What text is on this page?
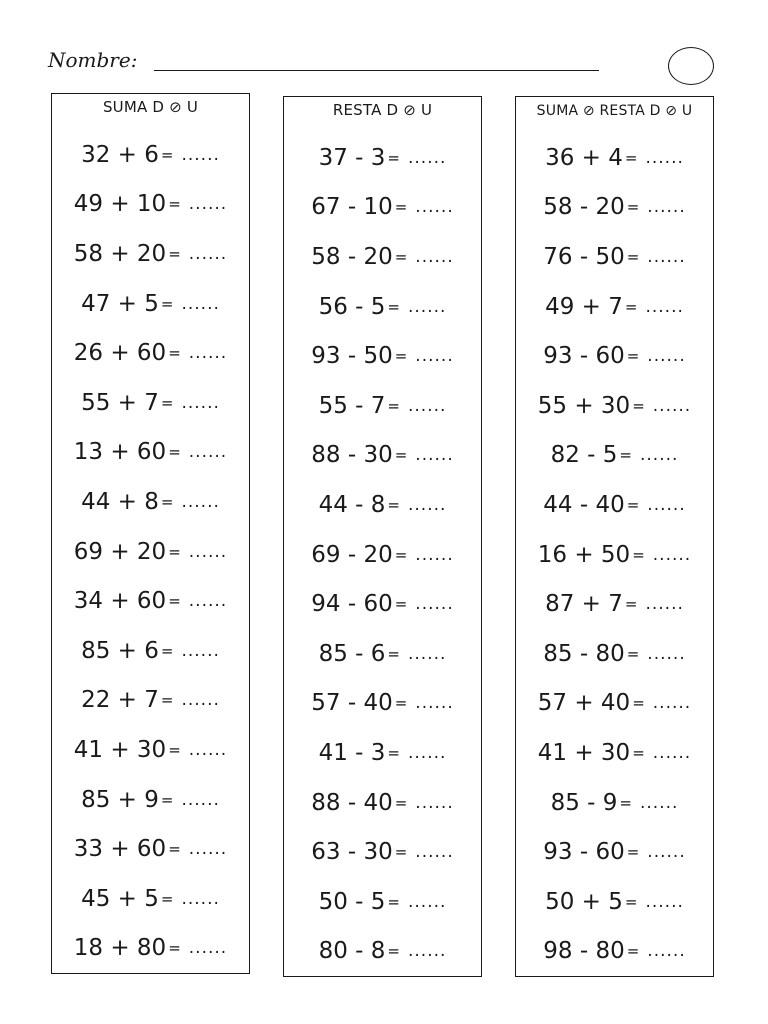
Nombre:
SUMA D ⊘ U
32 + 6 = ......
49 + 10 = ......
58 + 20 = ......
47 + 5 = ......
26 + 60 = ......
55 + 7 = ......
13 + 60 = ......
44 + 8 = ......
69 + 20 = ......
34 + 60 = ......
85 + 6 = ......
22 + 7 = ......
41 + 30 = ......
85 + 9 = ......
33 + 60 = ......
45 + 5 = ......
18 + 80 = ......
RESTA D ⊘ U
37 - 3 = ......
67 - 10 = ......
58 - 20 = ......
56 - 5 = ......
93 - 50 = ......
55 - 7 = ......
88 - 30 = ......
44 - 8 = ......
69 - 20 = ......
94 - 60 = ......
85 - 6 = ......
57 - 40 = ......
41 - 3 = ......
88 - 40 = ......
63 - 30 = ......
50 - 5 = ......
80 - 8 = ......
SUMA ⊘ RESTA D ⊘ U
36 + 4 = ......
58 - 20 = ......
76 - 50 = ......
49 + 7 = ......
93 - 60 = ......
55 + 30 = ......
82 - 5 = ......
44 - 40 = ......
16 + 50 = ......
87 + 7 = ......
85 - 80 = ......
57 + 40 = ......
41 + 30 = ......
85 - 9 = ......
93 - 60 = ......
50 + 5 = ......
98 - 80 = ......
